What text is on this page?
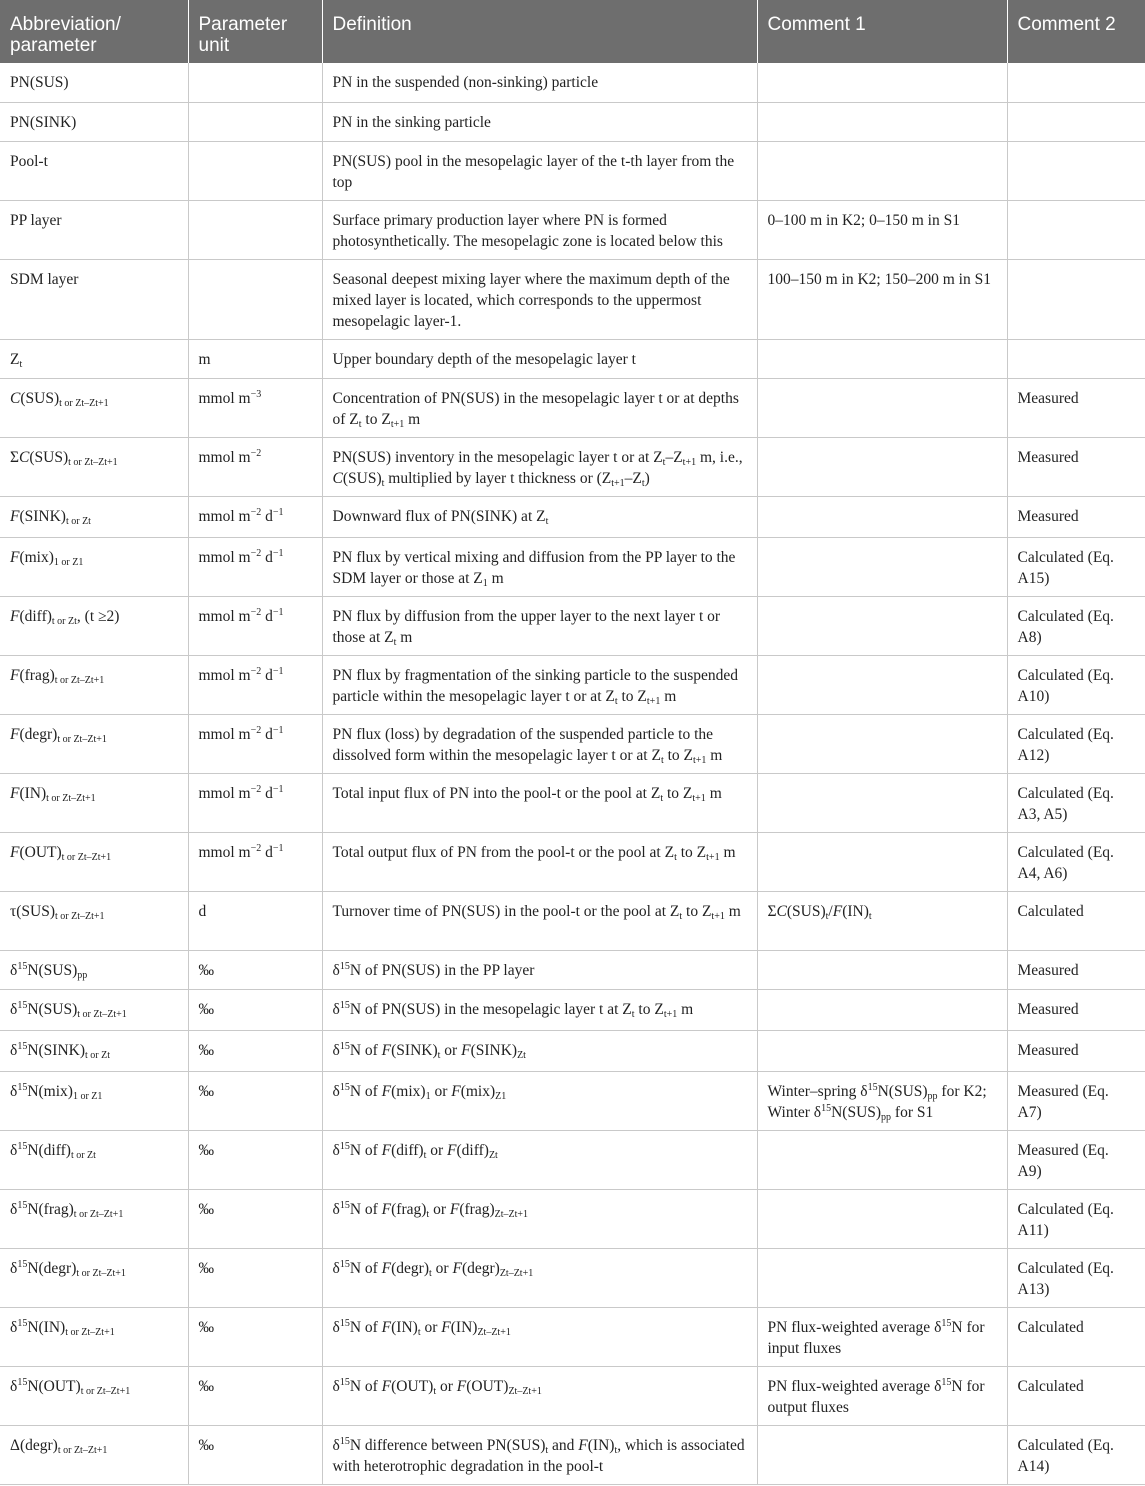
Abbreviation/ parameter	Parameter unit	Definition	Comment 1	Comment 2
PN(SUS)		PN in the suspended (non-sinking) particle		
PN(SINK)		PN in the sinking particle		
Pool-t		PN(SUS) pool in the mesopelagic layer of the t-th layer from the top		
PP layer		Surface primary production layer where PN is formed photosynthetically. The mesopelagic zone is located below this	0–100 m in K2; 0–150 m in S1	
SDM layer		Seasonal deepest mixing layer where the maximum depth of the mixed layer is located, which corresponds to the uppermost mesopelagic layer-1.	100–150 m in K2; 150–200 m in S1	
$Z_t$	m	Upper boundary depth of the mesopelagic layer t		
C(SUS)t or Zt–Zt+1	mmol $m^{-3}$	Concentration of PN(SUS) in the mesopelagic layer t or at depths of $Z_t$ to $Z_{t+1}$ m		Measured
ΣC(SUS)t or Zt–Zt+1	mmol $m^{-2}$	PN(SUS) inventory in the mesopelagic layer t or at $Z_t-Z_{t+1}$ m, i.e., $C(SUS)_t$ multiplied by layer t thickness or $(Z_{t+1}-Z_t)$		Measured
F(SINK)t or Zt	mmol $m^{-2}$ $d^{-1}$	Downward flux of PN(SINK) at $Z_t$		Measured
F(mix)1 or Z1	mmol $m^{-2}$ $d^{-1}$	PN flux by vertical mixing and diffusion from the PP layer to the SDM layer or those at $Z_1$ m		Calculated (Eq. A15)
F(diff)t or Zt, (t ≥2)	mmol $m^{-2}$ $d^{-1}$	PN flux by diffusion from the upper layer to the next layer t or those at $Z_t$ m		Calculated (Eq. A8)
F(frag)t or Zt–Zt+1	mmol $m^{-2}$ $d^{-1}$	PN flux by fragmentation of the sinking particle to the suspended particle within the mesopelagic layer t or at $Z_t$ to $Z_{t+1}$ m		Calculated (Eq. A10)
F(degr)t or Zt–Zt+1	mmol $m^{-2}$ $d^{-1}$	PN flux (loss) by degradation of the suspended particle to the dissolved form within the mesopelagic layer t or at $Z_t$ to $Z_{t+1}$ m		Calculated (Eq. A12)
F(IN)t or Zt–Zt+1	mmol $m^{-2}$ $d^{-1}$	Total input flux of PN into the pool-t or the pool at $Z_t$ to $Z_{t+1}$ m		Calculated (Eq. A3, A5)
F(OUT)t or Zt–Zt+1	mmol $m^{-2}$ $d^{-1}$	Total output flux of PN from the pool-t or the pool at $Z_t$ to $Z_{t+1}$ m		Calculated (Eq. A4, A6)
τ(SUS)t or Zt–Zt+1	d	Turnover time of PN(SUS) in the pool-t or the pool at $Z_t$ to $Z_{t+1}$ m	$\Sigma C(SUS)_t/F(IN)_t$	Calculated
$\delta^{15}N(SUS)_{pp}$	‰	$\delta^{15}N$ of PN(SUS) in the PP layer		Measured
$\delta^{15}N(SUS)t$ or Zt–Zt+1	‰	$\delta^{15}N$ of PN(SUS) in the mesopelagic layer t at $Z_t$ to $Z_{t+1}$ m		Measured
$\delta^{15}N(SINK)t$ or Zt	‰	$\delta^{15}N$ of $F(SINK)_t$ or $F(SINK)_{Zt}$		Measured
$\delta^{15}N(mix)1$ or Z1	‰	$\delta^{15}N$ of $F(mix)_1$ or $F(mix)_{Z1}$	Winter–spring $\delta^{15}N(SUS)_{pp}$ for K2; Winter $\delta^{15}N(SUS)_{pp}$ for S1	Measured (Eq. A7)
$\delta^{15}N(diff)t$ or Zt	‰	$\delta^{15}N$ of $F(diff)_t$ or $F(diff)_{Zt}$		Measured (Eq. A9)
$\delta^{15}N(frag)t$ or Zt–Zt+1	‰	$\delta^{15}N$ of $F(frag)_t$ or $F(frag)_{Zt-Zt+1}$		Calculated (Eq. A11)
$\delta^{15}N(degr)t$ or Zt–Zt+1	‰	$\delta^{15}N$ of $F(degr)_t$ or $F(degr)_{Zt-Zt+1}$		Calculated (Eq. A13)
$\delta^{15}N(IN)t$ or Zt–Zt+1	‰	$\delta^{15}N$ of $F(IN)_t$ or $F(IN)_{Zt-Zt+1}$	PN flux-weighted average $\delta^{15}N$ for input fluxes	Calculated
$\delta^{15}N(OUT)t$ or Zt–Zt+1	‰	$\delta^{15}N$ of $F(OUT)_t$ or $F(OUT)_{Zt-Zt+1}$	PN flux-weighted average $\delta^{15}N$ for output fluxes	Calculated
Δ(degr)t or Zt–Zt+1	‰	$\delta^{15}N$ difference between $PN(SUS)_t$ and $F(IN)_t$, which is associated with heterotrophic degradation in the pool-t		Calculated (Eq. A14)
